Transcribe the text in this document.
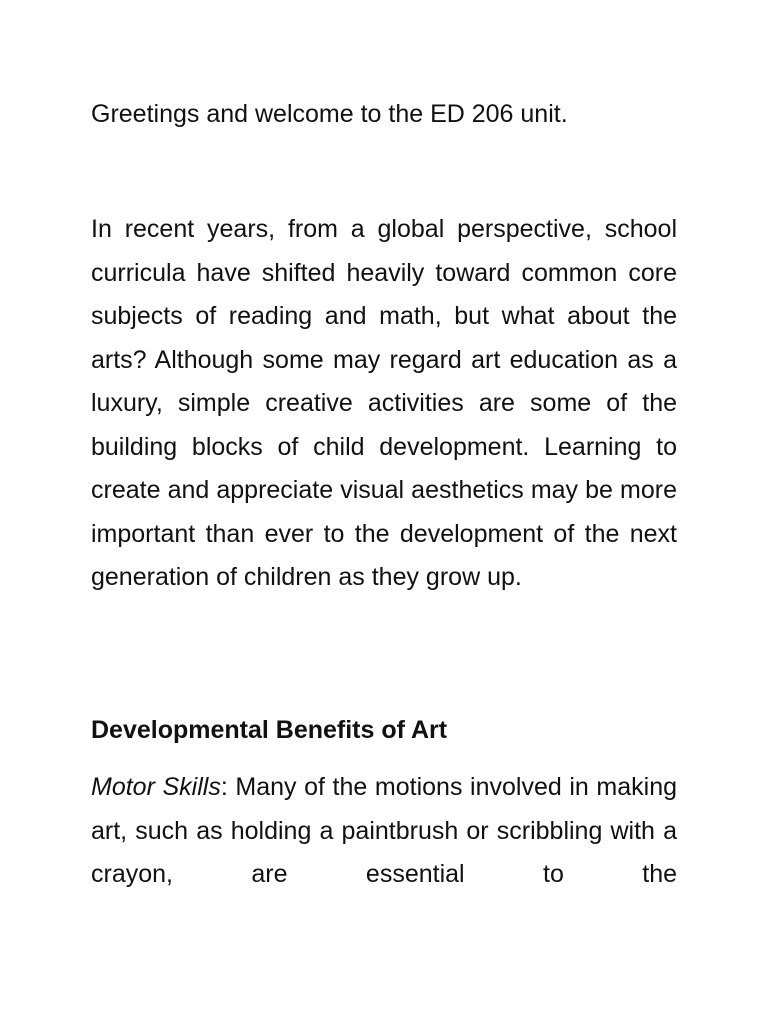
Greetings and welcome to the ED 206 unit.

In recent years, from a global perspective, school curricula have shifted heavily toward common core subjects of reading and math, but what about the arts? Although some may regard art education as a luxury, simple creative activities are some of the building blocks of child development. Learning to create and appreciate visual aesthetics may be more important than ever to the development of the next generation of children as they grow up.

Developmental Benefits of Art

Motor Skills: Many of the motions involved in making art, such as holding a paintbrush or scribbling with a crayon, are essential to the
